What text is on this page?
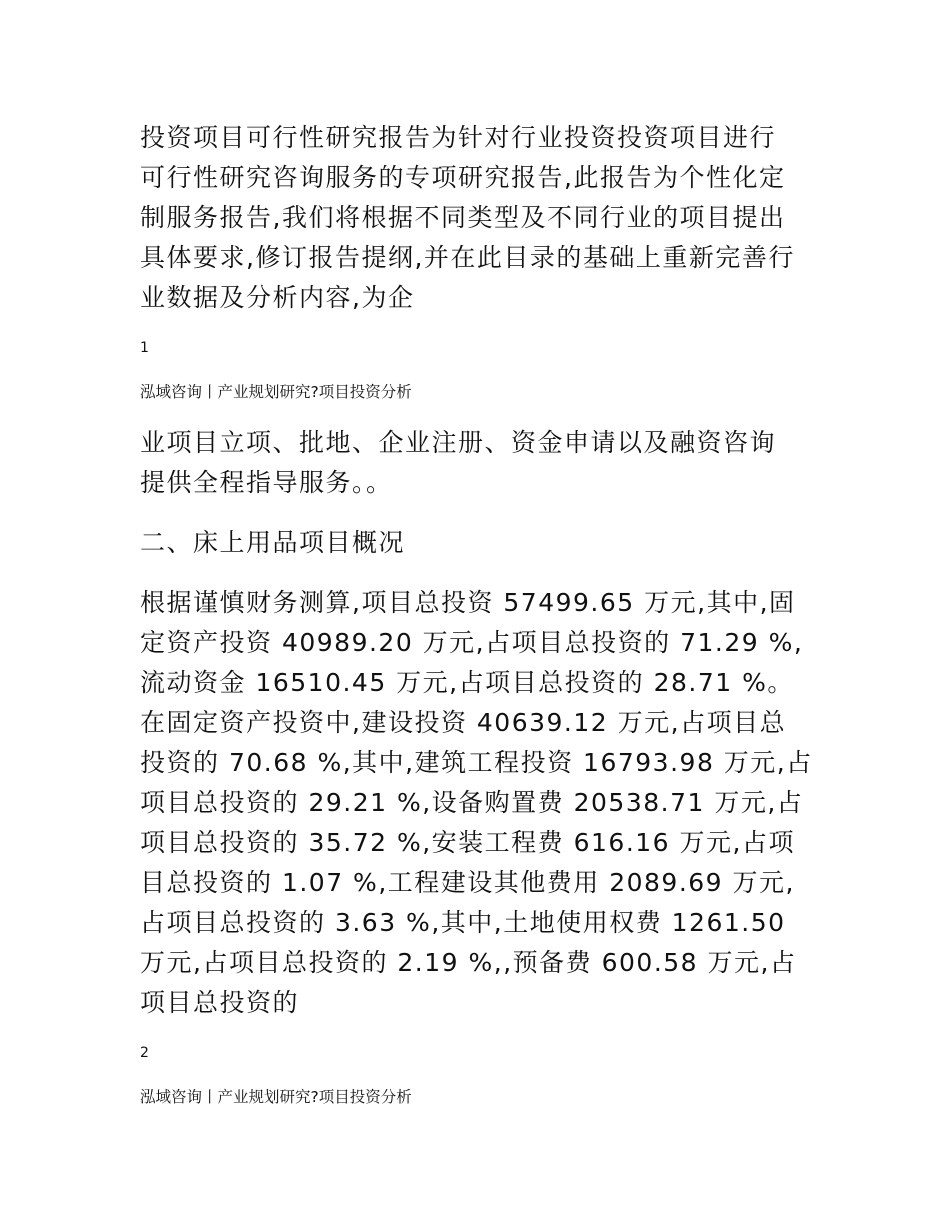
投资项目可行性研究报告为针对行业投资投资项目进行
可行性研究咨询服务的专项研究报告,此报告为个性化定
制服务报告,我们将根据不同类型及不同行业的项目提出
具体要求,修订报告提纲,并在此目录的基础上重新完善行
业数据及分析内容,为企

1

泓域咨询丨产业规划研究?项目投资分析

业项目立项、批地、企业注册、资金申请以及融资咨询
提供全程指导服务。。

二、床上用品项目概况

根据谨慎财务测算,项目总投资 57499.65 万元,其中,固
定资产投资 40989.20 万元,占项目总投资的 71.29 %,
流动资金 16510.45 万元,占项目总投资的 28.71 %。
在固定资产投资中,建设投资 40639.12 万元,占项目总
投资的 70.68 %,其中,建筑工程投资 16793.98 万元,占
项目总投资的 29.21 %,设备购置费 20538.71 万元,占
项目总投资的 35.72 %,安装工程费 616.16 万元,占项
目总投资的 1.07 %,工程建设其他费用 2089.69 万元,
占项目总投资的 3.63 %,其中,土地使用权费 1261.50
万元,占项目总投资的 2.19 %,,预备费 600.58 万元,占
项目总投资的

2

泓域咨询丨产业规划研究?项目投资分析
